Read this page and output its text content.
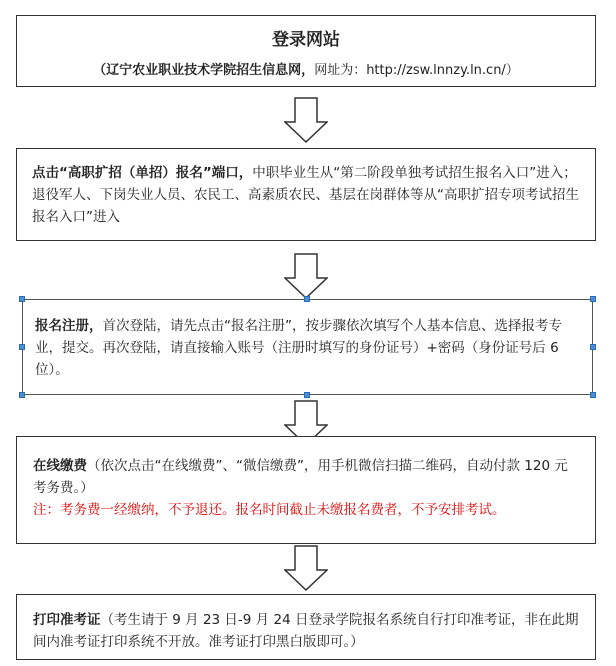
登录网站
（辽宁农业职业技术学院招生信息网，网址为：http://zsw.lnnzy.ln.cn/）

点击“高职扩招（单招）报名”端口，中职毕业生从“第二阶段单独考试招生报名入口”进入；退役军人、下岗失业人员、农民工、高素质农民、基层在岗群体等从“高职扩招专项考试招生报名入口”进入

报名注册，首次登陆，请先点击“报名注册”，按步骤依次填写个人基本信息、选择报考专业，提交。再次登陆，请直接输入账号（注册时填写的身份证号）+密码（身份证号后 6 位）。

在线缴费（依次点击“在线缴费”、“微信缴费”，用手机微信扫描二维码，自动付款 120 元考务费。）

注：考务费一经缴纳，不予退还。报名时间截止未缴报名费者，不予安排考试。

打印准考证（考生请于 9 月 23 日-9 月 24 日登录学院报名系统自行打印准考证，非在此期间内准考证打印系统不开放。准考证打印黑白版即可。）
